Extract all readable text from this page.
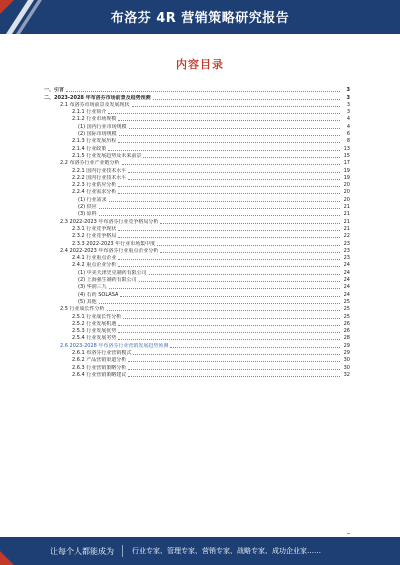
布洛芬 4R 营销策略研究报告
内容目录
一、引言	3
二、2023-2028 年布洛芬市场前景及趋势预测	3
2.1 布洛芬市场前景及发展现状	3
2.1.1 行业简介	3
2.1.2 行业市场规模	4
(1) 国内行业市场规模	4
(2) 国际市场规模	6
2.1.3 行业发展历程	8
2.1.4 行业政策	13
2.1.5 行业发展趋势及未来前景	15
2.2 布洛芬行业产业链分析	17
2.2.1 国内行业技术水平	19
2.2.2 国内行业技术水平	19
2.2.3 行业供应分析	20
2.2.4 行业需求分析	20
(1) 行业需求	20
(2) 供应	21
(3) 原料	21
2.3 2022-2023 年布洛芬行业竞争格局分析	21
2.3.1 行业竞争现状	21
2.3.2 行业竞争格局	22
2.3.3 2022-2023 年行业市场集中度	23
2.4 2022-2023 年布洛芬行业重点企业分析	23
2.4.1 行业重点企业	23
2.4.2 重点企业分析	24
(1) 中美天津史克制药有限公司	24
(2) 上海强生制药有限公司	24
(3) 华润三九	24
(4) 石药 SOLASA	24
(5) 其他	25
2.5 行业成长性分析	25
2.5.1 行业成长性分析	25
2.5.2 行业发展机遇	26
2.5.3 行业发展优势	26
2.5.4 行业发展劣势	28
2.6 2023-2028 年布洛芬行业营销发展趋势预测	29
2.6.1 布洛芬行业营销模式	29
2.6.2 产品营销渠道分析	30
2.6.3 行业营销策略分析	30
2.6.4 行业营销策略建议	32
让每个人都能成为	行业专家、管理专家、营销专家、战略专家、成功企业家……
